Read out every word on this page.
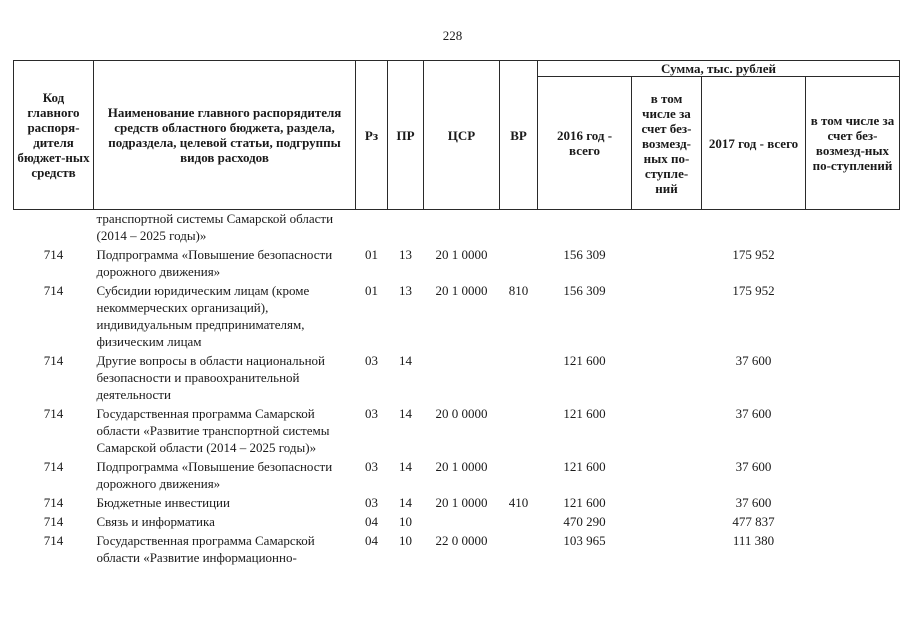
228
Код главного распоря-дителя бюджет-ных средств	Наименование главного распорядителя средств областного бюджета, раздела, подраздела, целевой статьи, подгруппы видов расходов	Рз	ПР	ЦСР	ВР	Сумма, тыс. рублей			
						2016 год - всего	в том числе за счет без-возмезд-ных по-ступле-ний	2017 год - всего	в том числе за счет без-возмезд-ных по-ступлений
	транспортной системы Самарской области (2014 – 2025 годы)»								
714	Подпрограмма «Повышение безопасности дорожного движения»	01	13	20 1 0000		156 309		175 952	
714	Субсидии юридическим лицам (кроме некоммерческих организаций), индивидуальным предпринимателям, физическим лицам	01	13	20 1 0000	810	156 309		175 952	
714	Другие вопросы в области национальной безопасности и правоохранительной деятельности	03	14			121 600		37 600	
714	Государственная программа Самарской области «Развитие транспортной системы Самарской области (2014 – 2025 годы)»	03	14	20 0 0000		121 600		37 600	
714	Подпрограмма «Повышение безопасности дорожного движения»	03	14	20 1 0000		121 600		37 600	
714	Бюджетные инвестиции	03	14	20 1 0000	410	121 600		37 600	
714	Связь и информатика	04	10			470 290		477 837	
714	Государственная программа Самарской области «Развитие информационно-	04	10	22 0 0000		103 965		111 380	
